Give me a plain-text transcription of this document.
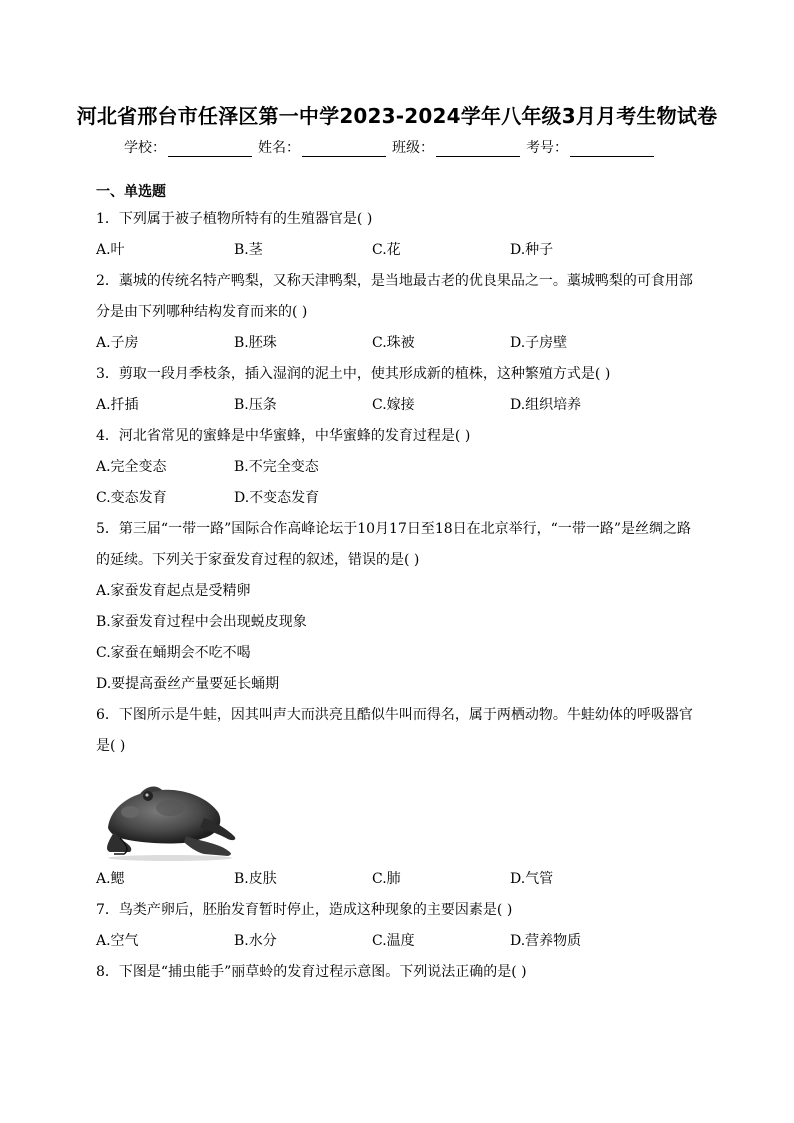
河北省邢台市任泽区第一中学2023-2024学年八年级3月月考生物试卷
学校：	姓名：	班级：	考号：
一、单选题

1．下列属于被子植物所特有的生殖器官是( )

A.叶	B.茎	C.花	D.种子

2．藁城的传统名特产鸭梨，又称天津鸭梨，是当地最古老的优良果品之一。藁城鸭梨的可食用部分是由下列哪种结构发育而来的( )

A.子房	B.胚珠	C.珠被	D.子房壁

3．剪取一段月季枝条，插入湿润的泥土中，使其形成新的植株，这种繁殖方式是( )

A.扦插	B.压条	C.嫁接	D.组织培养

4．河北省常见的蜜蜂是中华蜜蜂，中华蜜蜂的发育过程是( )

A.完全变态	B.不完全变态
C.变态发育	D.不变态发育

5．第三届“一带一路”国际合作高峰论坛于10月17日至18日在北京举行，“一带一路”是丝绸之路的延续。下列关于家蚕发育过程的叙述，错误的是( )

A.家蚕发育起点是受精卵

B.家蚕发育过程中会出现蜕皮现象

C.家蚕在蛹期会不吃不喝

D.要提高蚕丝产量要延长蛹期

6．下图所示是牛蛙，因其叫声大而洪亮且酷似牛叫而得名，属于两栖动物。牛蛙幼体的呼吸器官是( )

A.鳃	B.皮肤	C.肺	D.气管

7．鸟类产卵后，胚胎发育暂时停止，造成这种现象的主要因素是( )

A.空气	B.水分	C.温度	D.营养物质

8．下图是“捕虫能手”丽草蛉的发育过程示意图。下列说法正确的是( )
